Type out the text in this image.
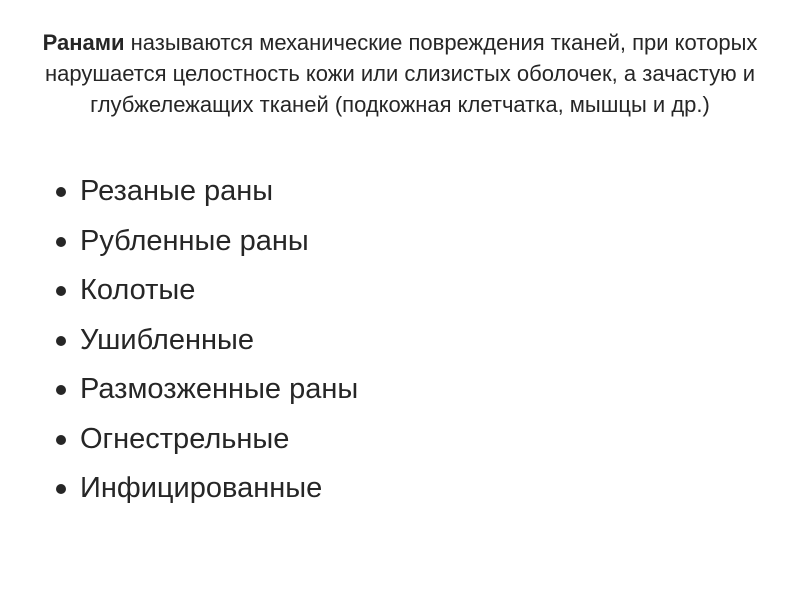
Ранами называются механические повреждения тканей, при которых нарушается целостность кожи или слизистых оболочек, а зачастую и глубжележащих тканей (подкожная клетчатка, мышцы и др.)

Резаные раны
Рубленные раны
Колотые
Ушибленные
Размозженные раны
Огнестрельные
Инфицированные
